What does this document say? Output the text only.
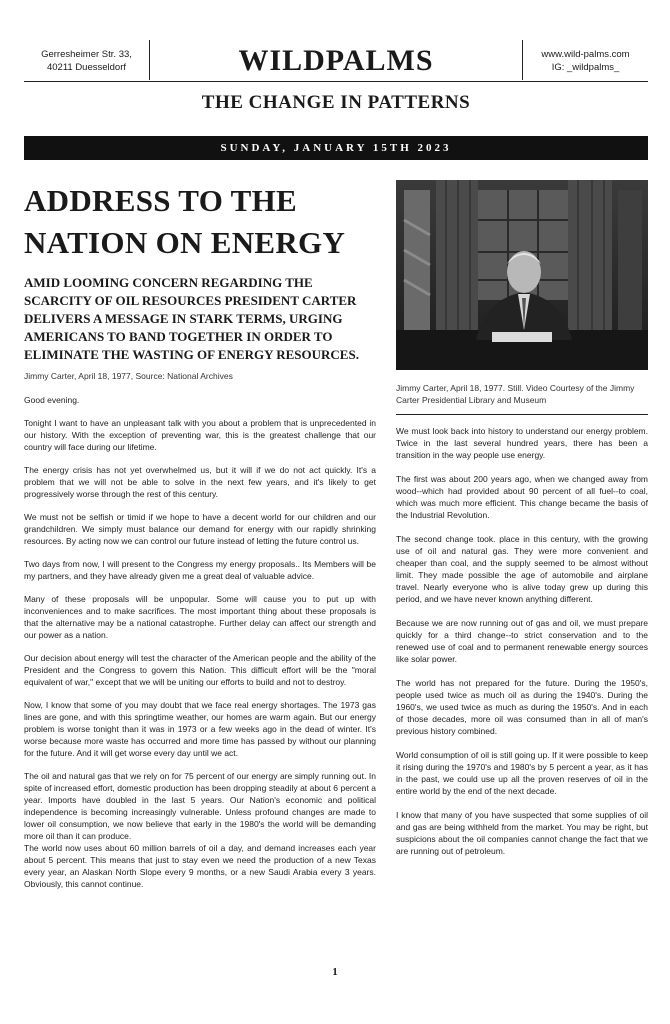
Gerresheimer Str. 33,
40211 Duesseldorf	WILDPALMS	www.wild-palms.com
IG: _wildpalms_
THE CHANGE IN PATTERNS
SUNDAY, JANUARY 15TH 2023
ADDRESS TO THE NATION ON ENERGY
AMID LOOMING CONCERN REGARDING THE SCARCITY OF OIL RESOURCES PRESIDENT CARTER DELIVERS A MESSAGE IN STARK TERMS, URGING AMERICANS TO BAND TOGETHER IN ORDER TO ELIMINATE THE WASTING OF ENERGY RESOURCES.
Jimmy Carter, April 18, 1977, Source: National Archives

Good evening.

Tonight I want to have an unpleasant talk with you about a problem that is unprecedented in our history. With the exception of preventing war, this is the greatest challenge that our country will face during our lifetime.

The energy crisis has not yet overwhelmed us, but it will if we do not act quickly. It's a problem that we will not be able to solve in the next few years, and it's likely to get progressively worse through the rest of this century.

We must not be selfish or timid if we hope to have a decent world for our children and our grandchildren. We simply must balance our demand for energy with our rapidly shrinking resources. By acting now we can control our future instead of letting the future control us.

Two days from now, I will present to the Congress my energy proposals.. Its Members will be my partners, and they have already given me a great deal of valuable advice.

Many of these proposals will be unpopular. Some will cause you to put up with inconveniences and to make sacrifices. The most important thing about these proposals is that the alternative may be a national catastrophe. Further delay can affect our strength and our power as a nation.

Our decision about energy will test the character of the American people and the ability of the President and the Congress to govern this Nation. This difficult effort will be the "moral equivalent of war," except that we will be uniting our efforts to build and not to destroy.

Now, I know that some of you may doubt that we face real energy shortages. The 1973 gas lines are gone, and with this springtime weather, our homes are warm again. But our energy problem is worse tonight than it was in 1973 or a few weeks ago in the dead of winter. It's worse because more waste has occurred and more time has passed by without our planning for the future. And it will get worse every day until we act.

The oil and natural gas that we rely on for 75 percent of our energy are simply running out. In spite of increased effort, domestic production has been dropping steadily at about 6 percent a year. Imports have doubled in the last 5 years. Our Nation's economic and political independence is becoming increasingly vulnerable. Unless profound changes are made to lower oil consumption, we now believe that early in the 1980's the world will be demanding more oil than it can produce.

The world now uses about 60 million barrels of oil a day, and demand increases each year about 5 percent. This means that just to stay even we need the production of a new Texas every year, an Alaskan North Slope every 9 months, or a new Saudi Arabia every 3 years. Obviously, this cannot continue.

Jimmy Carter, April 18, 1977. Still. Video Courtesy of the Jimmy Carter Presidential Library and Museum

We must look back into history to understand our energy problem. Twice in the last several hundred years, there has been a transition in the way people use energy.

The first was about 200 years ago, when we changed away from wood--which had provided about 90 percent of all fuel--to coal, which was much more efficient. This change became the basis of the Industrial Revolution.

The second change took. place in this century, with the growing use of oil and natural gas. They were more convenient and cheaper than coal, and the supply seemed to be almost without limit. They made possible the age of automobile and airplane travel. Nearly everyone who is alive today grew up during this period, and we have never known anything different.

Because we are now running out of gas and oil, we must prepare quickly for a third change--to strict conservation and to the renewed use of coal and to permanent renewable energy sources like solar power.

The world has not prepared for the future. During the 1950's, people used twice as much oil as during the 1940's. During the 1960's, we used twice as much as during the 1950's. And in each of those decades, more oil was consumed than in all of man's previous history combined.

World consumption of oil is still going up. If it were possible to keep it rising during the 1970's and 1980's by 5 percent a year, as it has in the past, we could use up all the proven reserves of oil in the entire world by the end of the next decade.

I know that many of you have suspected that some supplies of oil and gas are being withheld from the market. You may be right, but suspicions about the oil companies cannot change the fact that we are running out of petroleum.

1
